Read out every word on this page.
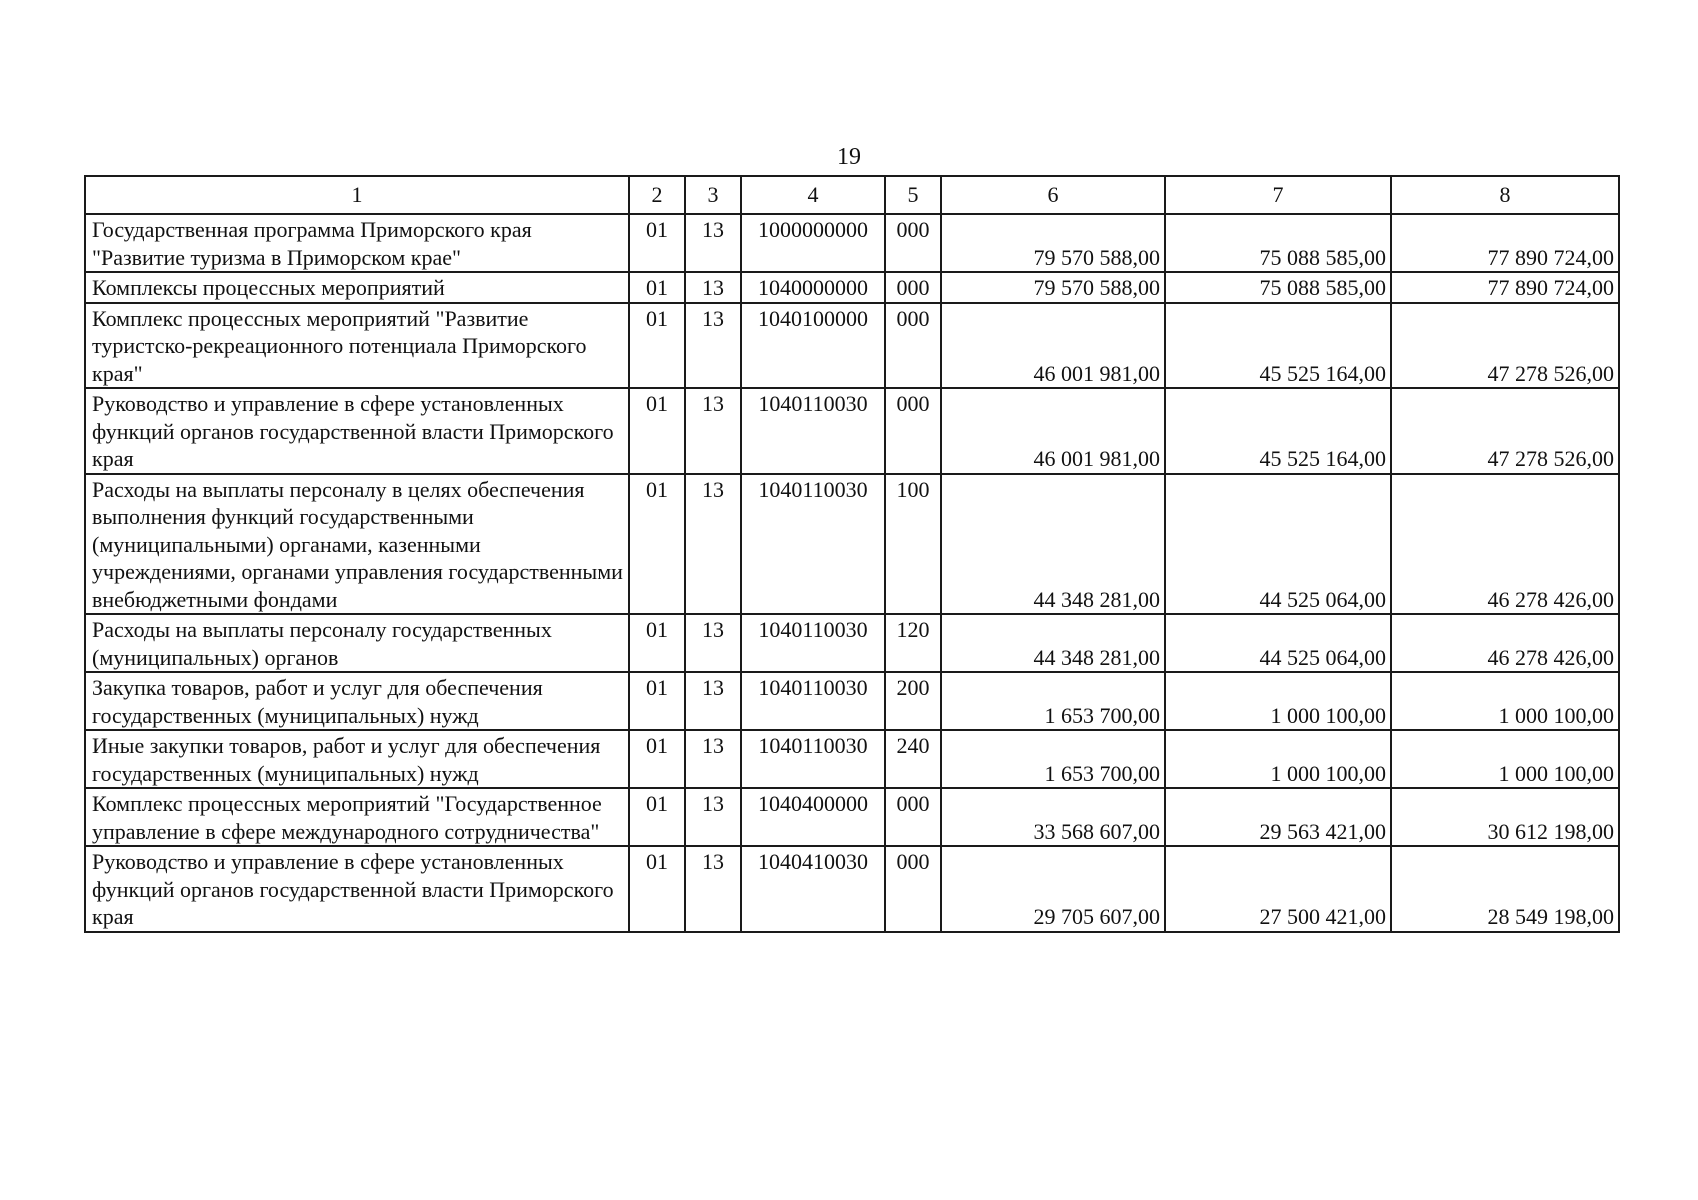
19
1	2	3	4	5	6	7	8
Государственная программа Приморского края "Развитие туризма в Приморском крае"	01	13	1000000000	000	79 570 588,00	75 088 585,00	77 890 724,00
Комплексы процессных мероприятий	01	13	1040000000	000	79 570 588,00	75 088 585,00	77 890 724,00
Комплекс процессных мероприятий "Развитие туристско-рекреационного потенциала Приморского края"	01	13	1040100000	000	46 001 981,00	45 525 164,00	47 278 526,00
Руководство и управление в сфере установленных функций органов государственной власти Приморского края	01	13	1040110030	000	46 001 981,00	45 525 164,00	47 278 526,00
Расходы на выплаты персоналу в целях обеспечения выполнения функций государственными (муниципальными) органами, казенными учреждениями, органами управления государственными внебюджетными фондами	01	13	1040110030	100	44 348 281,00	44 525 064,00	46 278 426,00
Расходы на выплаты персоналу государственных (муниципальных) органов	01	13	1040110030	120	44 348 281,00	44 525 064,00	46 278 426,00
Закупка товаров, работ и услуг для обеспечения государственных (муниципальных) нужд	01	13	1040110030	200	1 653 700,00	1 000 100,00	1 000 100,00
Иные закупки товаров, работ и услуг для обеспечения государственных (муниципальных) нужд	01	13	1040110030	240	1 653 700,00	1 000 100,00	1 000 100,00
Комплекс процессных мероприятий "Государственное управление в сфере международного сотрудничества"	01	13	1040400000	000	33 568 607,00	29 563 421,00	30 612 198,00
Руководство и управление в сфере установленных функций органов государственной власти Приморского края	01	13	1040410030	000	29 705 607,00	27 500 421,00	28 549 198,00
